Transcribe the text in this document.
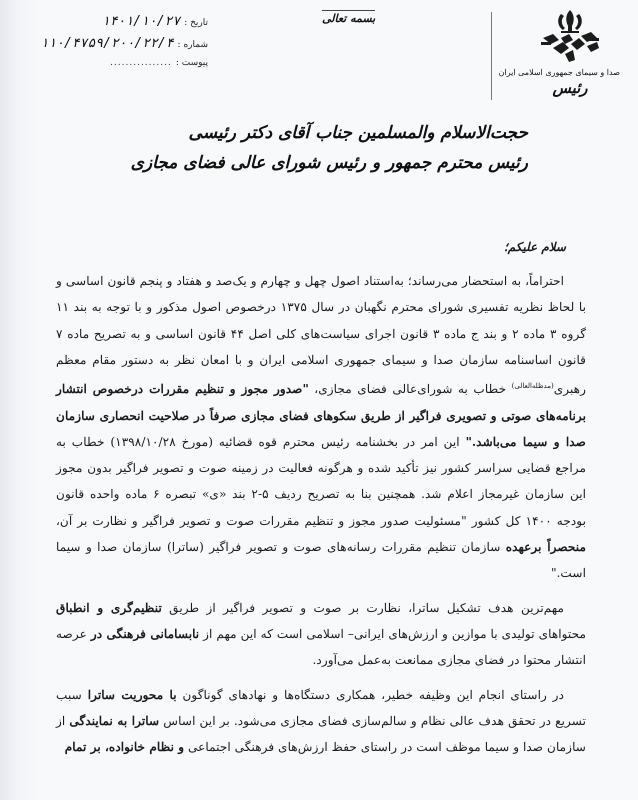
تاریخ :
۱۴۰۱/۱۰/۲۷
شماره :
۱۱۰/۴۷۵۹/۲۰۰/۲۲/۴
پیوست :
................
بسمه تعالی
صدا و سیمای جمهوری اسلامی ایران
رئیس
حجت‌الاسلام والمسلمین جناب آقای دکتر رئیسی
رئیس محترم جمهور و رئیس شورای عالی فضای مجازی
سلام علیکم؛

احتراماً، به استحضار می‌رساند؛ به‌استناد اصول چهل و چهارم و یک‌صد و هفتاد و پنجم قانون اساسی و با لحاظ نظریه تفسیری شورای محترم نگهبان در سال ۱۳۷۵ درخصوص اصول مذکور و با توجه به بند ۱۱ گروه ۳ ماده ۲ و بند ج ماده ۳ قانون اجرای سیاست‌های کلی اصل ۴۴ قانون اساسی و به تصریح ماده ۷ قانون اساسنامه سازمان صدا و سیمای جمهوری اسلامی ایران و با امعان نظر به دستور مقام معظم رهبری$^{(مدظله‌العالی)}$ خطاب به شورای‌عالی فضای مجازی، "صدور مجوز و تنظیم مقررات درخصوص انتشار برنامه‌های صوتی و تصویری فراگیر از طریق سکوهای فضای مجازی صرفاً در صلاحیت انحصاری سازمان صدا و سیما می‌باشد." این امر در بخشنامه رئیس محترم قوه قضائیه (مورخ ۱۳۹۸/۱۰/۲۸) خطاب به مراجع قضایی سراسر کشور نیز تأکید شده و هرگونه فعالیت در زمینه صوت و تصویر فراگیر بدون مجوز این سازمان غیرمجاز اعلام شد. همچنین بنا به تصریح ردیف ۵-۲ بند «ی» تبصره ۶ ماده واحده قانون بودجه ۱۴۰۰ کل کشور "مسئولیت صدور مجوز و تنظیم مقررات صوت و تصویر فراگیر و نظارت بر آن، منحصراً برعهده سازمان تنظیم مقررات رسانه‌های صوت و تصویر فراگیر (ساترا) سازمان صدا و سیما است."

مهم‌ترین هدف تشکیل ساترا، نظارت بر صوت و تصویر فراگیر از طریق تنظیم‌گری و انطباق محتواهای تولیدی با موازین و ارزش‌های ایرانی– اسلامی است که این مهم از نابسامانی فرهنگی در عرصه انتشار محتوا در فضای مجازی ممانعت به‌عمل می‌آورد.

در راستای انجام این وظیفه خطیر، همکاری دستگاه‌ها و نهادهای گوناگون با محوریت ساترا سبب تسریع در تحقق هدف عالی نظام و سالم‌سازی فضای مجازی می‌شود. بر این اساس ساترا به نمایندگی از سازمان صدا و سیما موظف است در راستای حفظ ارزش‌های فرهنگی اجتماعی و نظام خانواده، بر تمام
